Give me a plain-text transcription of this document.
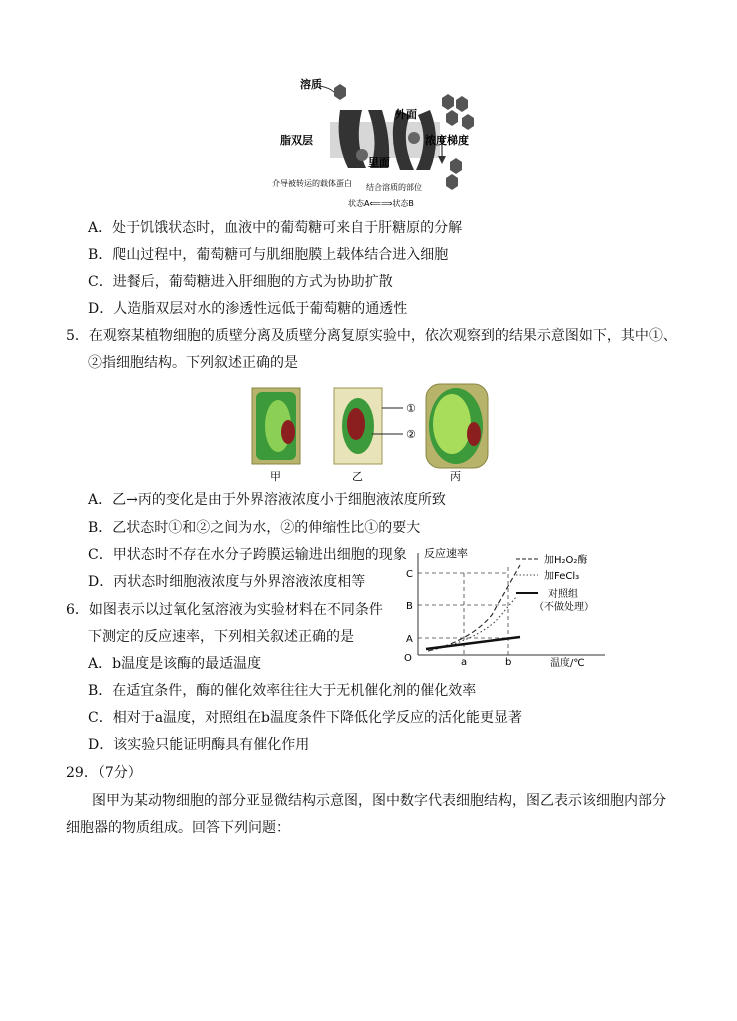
溶质
外面
脂双层	浓度梯度
里面
介导被转运的载体蛋白 结合溶质的部位
状态A⟸⟹状态B
A．处于饥饿状态时，血液中的葡萄糖可来自于肝糖原的分解
B．爬山过程中，葡萄糖可与肌细胞膜上载体结合进入细胞
C．进餐后，葡萄糖进入肝细胞的方式为协助扩散
D．人造脂双层对水的渗透性远低于葡萄糖的通透性
5．在观察某植物细胞的质壁分离及质壁分离复原实验中，依次观察到的结果示意图如下，其中①、
②指细胞结构。下列叙述正确的是
①
②
甲	乙	丙
A．乙→丙的变化是由于外界溶液浓度小于细胞液浓度所致
B．乙状态时①和②之间为水，②的伸缩性比①的要大
C．甲状态时不存在水分子跨膜运输进出细胞的现象
D．丙状态时细胞液浓度与外界溶液浓度相等
6．如图表示以过氧化氢溶液为实验材料在不同条件
下测定的反应速率，下列相关叙述正确的是
反应速率
温度/℃
O
C
B
A
a	b
加H₂O₂酶
加FeCl₃
对照组
（不做处理）
A．b温度是该酶的最适温度
B．在适宜条件，酶的催化效率往往大于无机催化剂的催化效率
C．相对于a温度，对照组在b温度条件下降低化学反应的活化能更显著
D．该实验只能证明酶具有催化作用
29．（7分）
图甲为某动物细胞的部分亚显微结构示意图，图中数字代表细胞结构，图乙表示该细胞内部分
细胞器的物质组成。回答下列问题：
